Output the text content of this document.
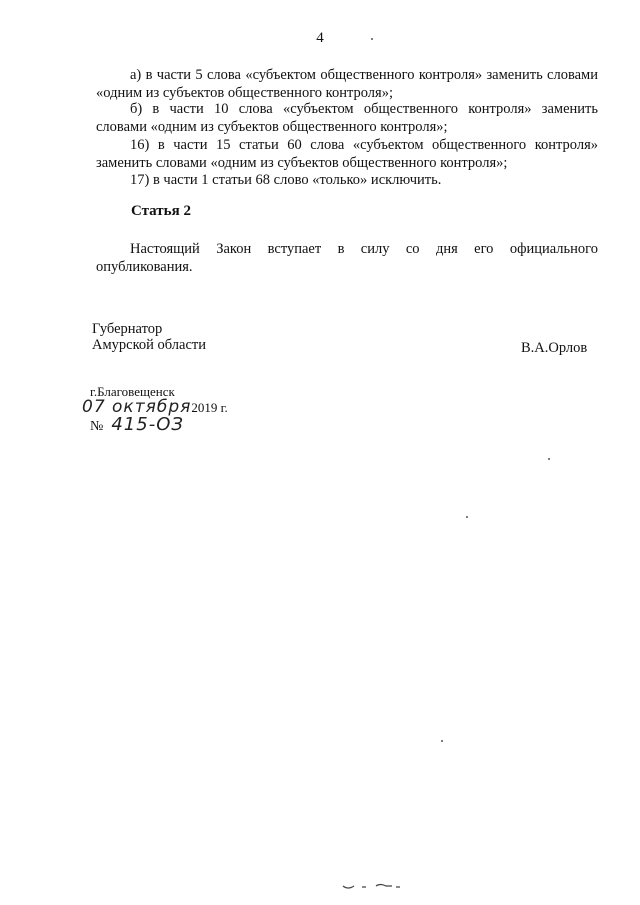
4

а) в части 5 слова «субъектом общественного контроля» заменить словами «одним из субъектов общественного контроля»;

б) в части 10 слова «субъектом общественного контроля» заменить словами «одним из субъектов общественного контроля»;

16) в части 15 статьи 60 слова «субъектом общественного контроля» заменить словами «одним из субъектов общественного контроля»;

17) в части 1 статьи 68 слово «только» исключить.

Статья 2

Настоящий Закон вступает в силу со дня его официального опубликования.

Губернатор
Амурской области	В.А.Орлов
г.Благовещенск
07 октября2019 г.
№ 415-ОЗ
